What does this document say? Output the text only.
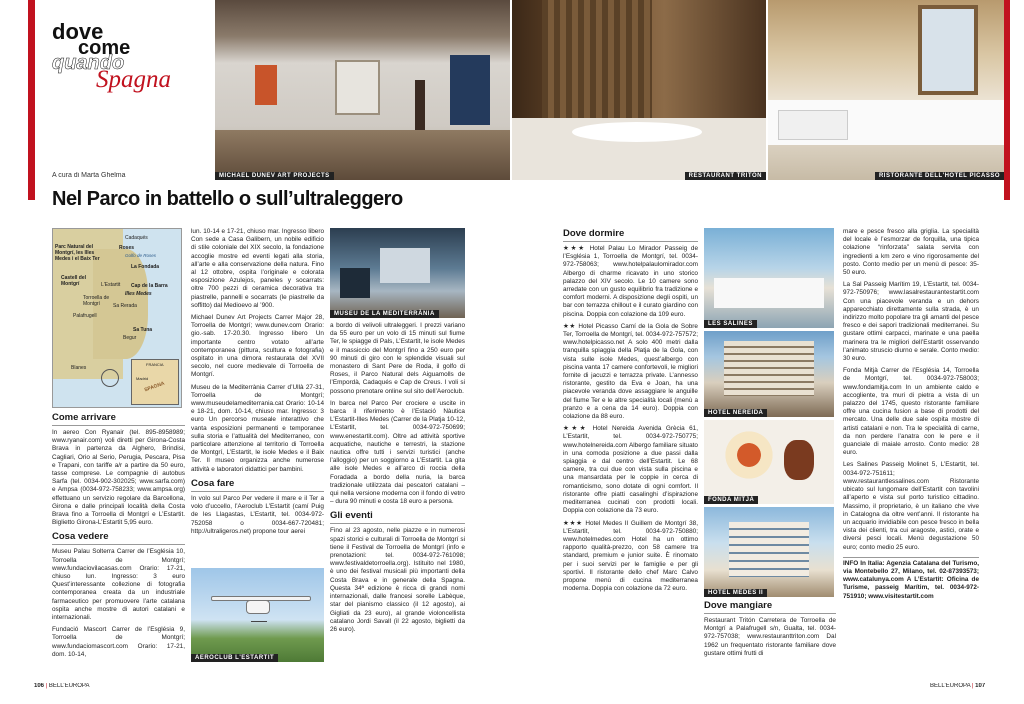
dove
come
quando
Spagna
A cura di Marta Ghelma	MICHAEL DUNEV ART PROJECTS	RESTAURANT TRITÓN	RISTORANTE DELL'HOTEL PICASSO
Nel Parco in battello o sull’ultraleggero
Parc Natural del Montgrí, les Illes Medes i el Baix Ter
Cadaqués
Roses
Golfo de Roses
La Fondada
Castell del Montgrí	L'Estartit Cap de la Barra
Illes Medes
Torroella de Montgrí	Sa Rerada
Palafrugell
Sa Tuna
Begur
Blanes
FRANCIA
SPAGNA
Madrid
Come arrivare
In aereo Con Ryanair (tel. 895-8958989; www.ryanair.com) voli diretti per Girona-Costa Brava in partenza da Alghero, Brindisi, Cagliari, Orio al Serio, Perugia, Pescara, Pisa e Trapani, con tariffe a/r a partire da 50 euro, tasse comprese. Le compagnie di autobus Sarfa (tel. 0034-902-302025; www.sarfa.com) e Ampsa (0034-972-758233; www.ampsa.org) effettuano un servizio regolare da Barcellona, Girona e dalle principali località della Costa Brava fino a Torroella di Montgrí e L’Estartit. Biglietto Girona-L’Estartit 5,95 euro.
Cosa vedere
Museu Palau Solterra Carrer de l’Església 10, Torroella de Montgrí; www.fundaciovilacasas.com Orario: 17-21, chiuso lun. Ingresso: 3 euro Quest’interessante collezione di fotografia contemporanea creata da un industriale farmaceutico per promuovere l’arte catalana ospita anche mostre di autori catalani e internazionali.
Fundació Mascort Carrer de l’Església 9, Torroella de Montgrí; www.fundaciomascort.com Orario: 17-21, dom. 10-14,
lun. 10-14 e 17-21, chiuso mar. Ingresso libero Con sede a Casa Galibern, un nobile edificio di stile coloniale del XIX secolo, la fondazione accoglie mostre ed eventi legati alla storia, all’arte e alla conservazione della natura. Fino al 12 ottobre, ospita l’originale e colorata esposizione Azulejos, paneles y socarrats: oltre 700 pezzi di ceramica decorativa tra piastrelle, pannelli e socarrats (le piastrelle da soffitto) dal Medioevo al ’900.
Michael Dunev Art Projects Carrer Major 28, Torroella de Montgrí; www.dunev.com Orario: gio.-sab. 17-20.30. Ingresso libero Un importante centro votato all’arte contemporanea (pittura, scultura e fotografia) ospitato in una dimora restaurata del XVII secolo, nel cuore medievale di Torroella de Montgrí.
Museu de la Mediterrània Carrer d’Ullà 27-31, Torroella de Montgrí; www.museudelamediterrania.cat Orario: 10-14 e 18-21, dom. 10-14, chiuso mar. Ingresso: 3 euro Un percorso museale interattivo che vanta esposizioni permanenti e temporanee sulla storia e l’attualità del Mediterraneo, con particolare attenzione al territorio di Torroella de Montgrí, L’Estartit, le isole Medes e il Baix Ter. Il museo organizza anche numerose attività e laboratori didattici per bambini.
Cosa fare
In volo sul Parco Per vedere il mare e il Ter a volo d’uccello, l’Aeroclub L’Estartit (camí Puig de les Llagastas, L’Estartit, tel. 0034-972-752058 o 0034-667-720481; http://ultraligeros.net) propone tour aerei
MUSEU DE LA MEDITERRÀNIA
AEROCLUB L'ESTARTIT
a bordo di velivoli ultraleggeri. I prezzi variano da 55 euro per un volo di 15 minuti sul fiume Ter, le spiagge di Pals, L’Estartit, le isole Medes e il massiccio del Montgrí fino a 250 euro per 90 minuti di giro con le splendide visuali sul monastero di Sant Pere de Roda, il golfo di Roses, il Parco Natural dels Aiguamolls de l’Empordà, Cadaqués e Cap de Creus. I voli si possono prenotare online sul sito dell’Aeroclub.
In barca nel Parco Per crociere e uscite in barca il riferimento è l’Estació Nàutica L’Estartit-Illes Medes (Carrer de la Platja 10-12, L’Estartit, tel. 0034-972-750699; www.enestartit.com). Oltre ad attività sportive acquatiche, nautiche e terrestri, la stazione nautica offre tutti i servizi turistici (anche l’alloggio) per un soggiorno a L’Estartit. La gita alle isole Medes e all’arco di roccia della Foradada a bordo della nuria, la barca tradizionale utilizzata dai pescatori catalani – qui nella versione moderna con il fondo di vetro – dura 90 minuti e costa 18 euro a persona.
Gli eventi
Fino al 23 agosto, nelle piazze e in numerosi spazi storici e culturali di Torroella de Montgrí si tiene il Festival de Torroella de Montgrí (info e prenotazioni: tel. 0034-972-761098; www.festivaldetorroella.org). Istituito nel 1980, è uno dei festival musicali più importanti della Costa Brava e in generale della Spagna. Questa 34ª edizione è ricca di grandi nomi internazionali, dalle francesi sorelle Labèque, star del pianismo classico (il 12 agosto), ai Gigliati da 23 euro), al grande violoncellista catalano Jordi Savall (il 22 agosto, biglietti da 26 euro).
Dove dormire
★★★ Hotel Palau Lo Mirador Passeig de l’Església 1, Torroella de Montgrí, tel. 0034-972-758063; www.hotelpalaulomirador.com Albergo di charme ricavato in uno storico palazzo del XIV secolo. Le 10 camere sono arredate con un gusto equilibrio fra tradizione e comfort moderni. A disposizione degli ospiti, un bar con terrazza chillout e il curato giardino con piscina. Doppia con colazione da 109 euro.
★★ Hotel Picasso Camí de la Gola de Sobre Ter, Torroella de Montgrí, tel. 0034-972-757572; www.hotelpicasso.net A solo 400 metri dalla tranquilla spiaggia della Platja de la Gola, con vista sulle isole Medes, quest’albergo con piscina vanta 17 camere confortevoli, le migliori fornite di jacuzzi e terrazza private. L’annesso ristorante, gestito da Eva e Joan, ha una piacevole veranda dove assaggiare le anguille del fiume Ter e le altre specialità locali (menù a pranzo e a cena da 14 euro). Doppia con colazione da 88 euro.
★★★ Hotel Nereida Avenida Grècia 61, L’Estartit, tel. 0034-972-750775; www.hotelnereida.com Albergo familiare situato in una comoda posizione a due passi dalla spiaggia e dal centro dell’Estartit. Le 68 camere, tra cui due con vista sulla piscina e una mansardata per le coppie in cerca di romanticismo, sono dotate di ogni comfort. Il ristorante offre piatti casalinghi d’ispirazione mediterranea cucinati con prodotti locali. Doppia con colazione da 73 euro.
★★★ Hotel Medes II Guillem de Montgrí 38, L’Estartit, tel. 0034-972-750880; www.hotelmedes.com Hotel ha un ottimo rapporto qualità-prezzo, con 58 camere tra standard, premium e junior suite. È rinomato per i suoi servizi per le famiglie e per gli sportivi. Il ristorante dello chef Marc Calvo propone menù di cucina mediterranea moderna. Doppia con colazione da 72 euro.
LES SALINES
HOTEL NEREIDA
FONDA MITJÀ
HOTEL MEDES II
Dove mangiare
Restaurant Tritón Carretera de Torroella de Montgrí a Palafrugell s/n, Gualta, tel. 0034-972-757038; www.restauranttriton.com Dal 1962 un frequentato ristorante familiare dove gustare ottimi frutti di
mare e pesce fresco alla griglia. La specialità del locale è l’esmorzar de forquilla, una tipica colazione “rinforzata” salata servita con ingredienti a km zero e vino rigorosamente del posto. Conto medio per un menù di pesce: 35-50 euro.
La Sal Passeig Marítim 19, L’Estartit, tel. 0034-972-750976; www.lasalrestaurantestartit.com Con una piacevole veranda e un dehors apparecchiato direttamente sulla strada, è un indirizzo molto popolare tra gli amanti del pesce fresco e dei sapori tradizionali mediterranei. Su gustare ottimi carpacci, marinate e una paella marinera tra le migliori dell’Estartit osservando l’animato struscio diurno e serale. Conto medio: 30 euro.
Fonda Mitjà Carrer de l’Església 14, Torroella de Montgrí, tel. 0034-972-758003; www.fondamitja.com In un ambiente caldo e accogliente, tra muri di pietra a vista di un palazzo del 1745, questo ristorante familiare offre una cucina fusion a base di prodotti del mercato. Una delle due sale ospita mostre di artisti catalani e non. Tra le specialità di carne, da non perdere l’anatra con le pere e il guanciale di maiale arrosto. Conto medio: 28 euro.
Les Salines Passeig Molinet 5, L’Estartit, tel. 0034-972-751611; www.restaurantlessalines.com Ristorante ubicato sul lungomare dell’Estartit con tavolini all’aperto e vista sul porto turistico cittadino. Massimo, il proprietario, è un italiano che vive in Catalogna da oltre vent’anni. Il ristorante ha un acquario invidiabile con pesce fresco in bella vista dei clienti, tra cui aragoste, astici, orate e diversi pesci locali. Menù degustazione 50 euro; conto medio 25 euro.
INFO In Italia: Agenzia Catalana del Turismo, via Montebello 27, Milano, tel. 02-87393573; www.catalunya.com A L’Estartit: Oficina de Turisme, passeig Marítim, tel. 0034-972-751910; www.visitestartit.com
106 | BELL’EUROPA	BELL’EUROPA | 107
